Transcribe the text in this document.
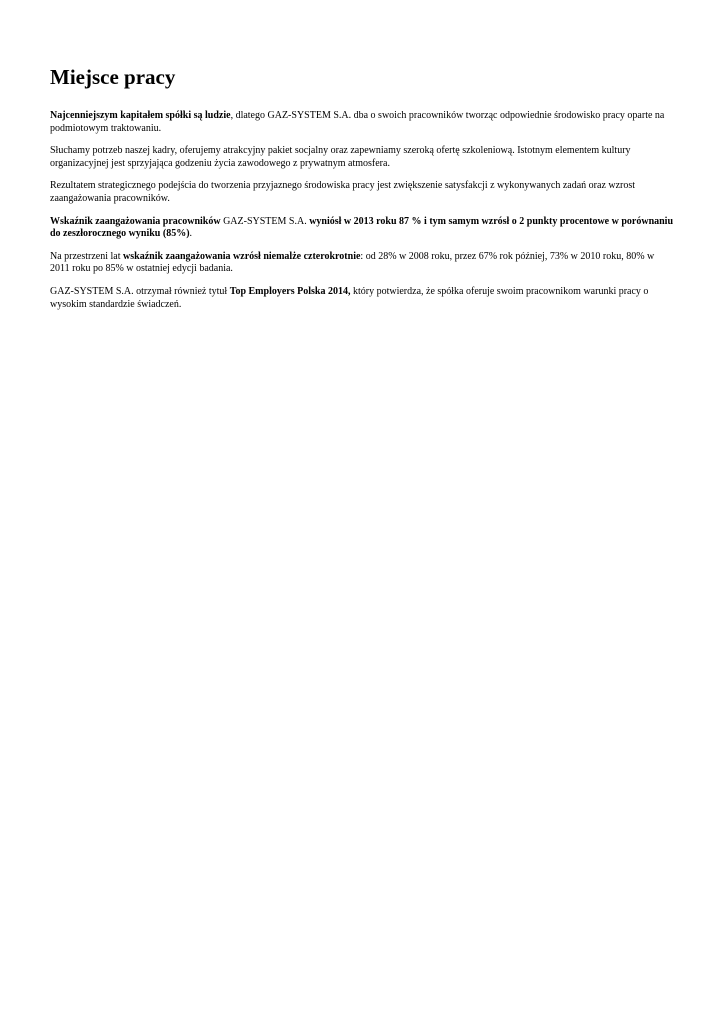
Miejsce pracy

Najcenniejszym kapitałem spółki są ludzie, dlatego GAZ-SYSTEM S.A. dba o swoich pracowników tworząc odpowiednie środowisko pracy oparte na podmiotowym traktowaniu.

Słuchamy potrzeb naszej kadry, oferujemy atrakcyjny pakiet socjalny oraz zapewniamy szeroką ofertę szkoleniową. Istotnym elementem kultury organizacyjnej jest sprzyjająca godzeniu życia zawodowego z prywatnym atmosfera.

Rezultatem strategicznego podejścia do tworzenia przyjaznego środowiska pracy jest zwiększenie satysfakcji z wykonywanych zadań oraz wzrost zaangażowania pracowników.

Wskaźnik zaangażowania pracowników GAZ-SYSTEM S.A. wyniósł w 2013 roku 87 % i tym samym wzrósł o 2 punkty procentowe w porównaniu do zeszłorocznego wyniku (85%).

Na przestrzeni lat wskaźnik zaangażowania wzrósł niemalże czterokrotnie: od 28% w 2008 roku, przez 67% rok później, 73% w 2010 roku, 80% w 2011 roku po 85% w ostatniej edycji badania.

GAZ-SYSTEM S.A. otrzymał również tytuł Top Employers Polska 2014, który potwierdza, że spółka oferuje swoim pracownikom warunki pracy o wysokim standardzie świadczeń.
